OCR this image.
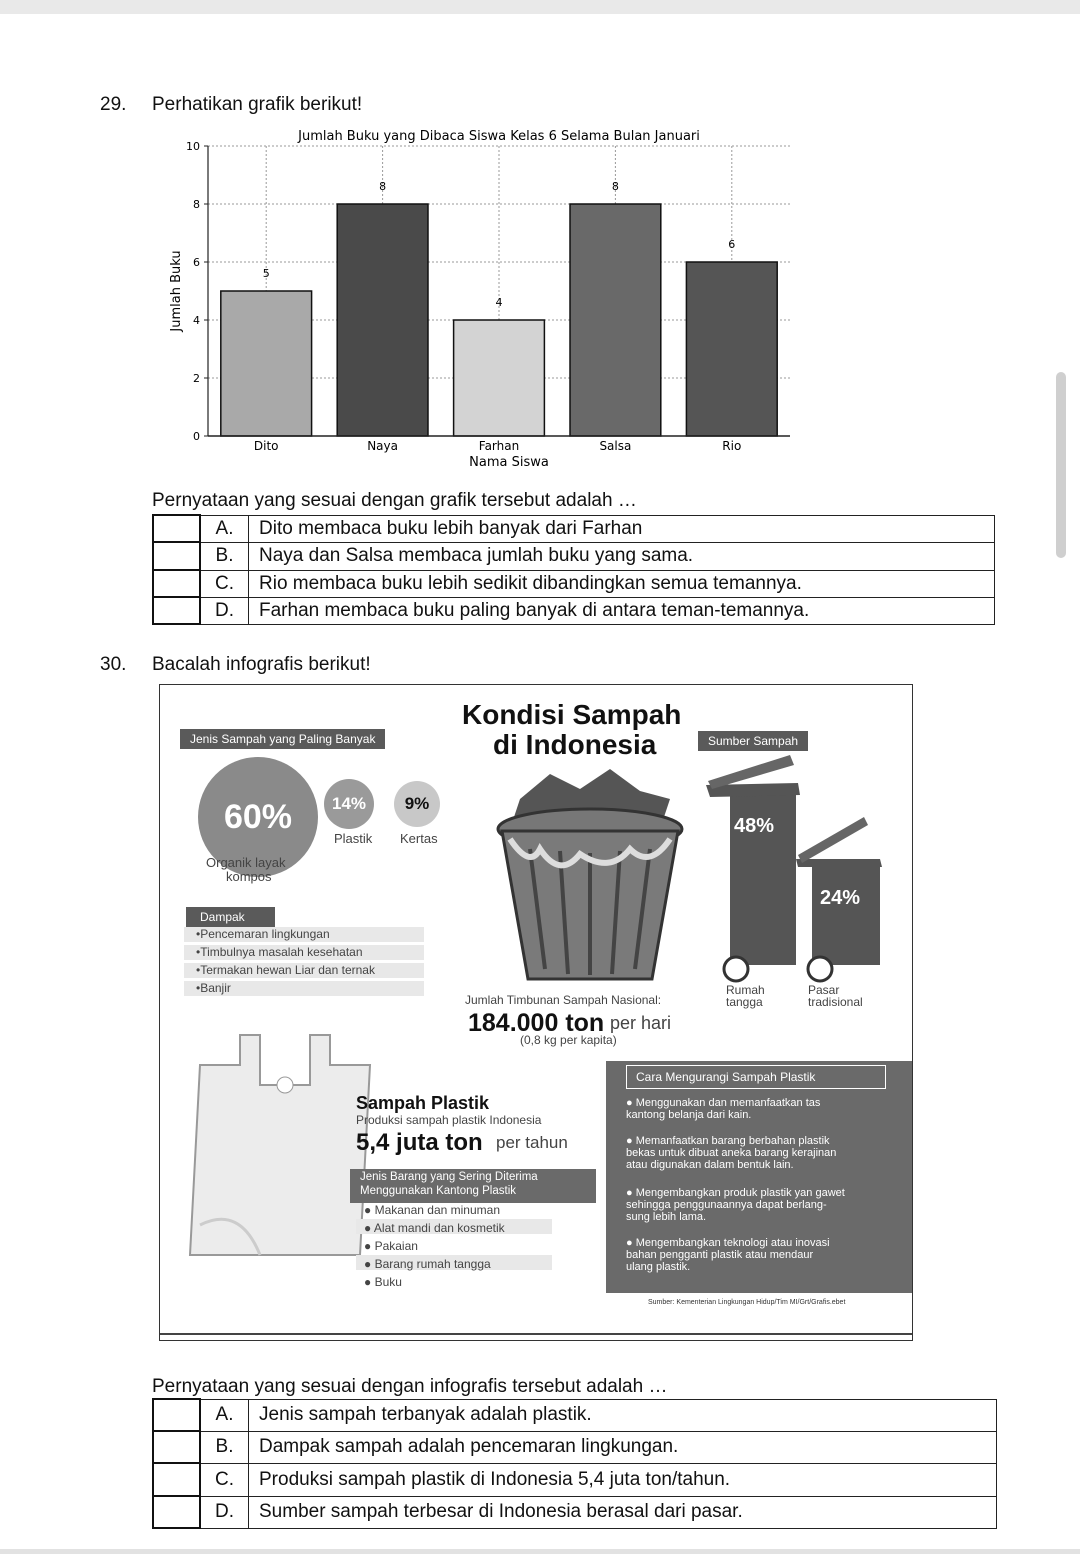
29. Perhatikan grafik berikut!
Jumlah Buku yang Dibaca Siswa Kelas 6 Selama Bulan Januari
0
2
4
6
8
10
5
Dito
8
Naya
4
Farhan
8
Salsa
6
Rio
Nama Siswa
Jumlah Buku
Pernyataan yang sesuai dengan grafik tersebut adalah …
	A.	Dito membaca buku lebih banyak dari Farhan
	B.	Naya dan Salsa membaca jumlah buku yang sama.
	C.	Rio membaca buku lebih sedikit dibandingkan semua temannya.
	D.	Farhan membaca buku paling banyak di antara teman-temannya.
30. Bacalah infografis berikut!
Kondisi Sampah
di Indonesia
Jenis Sampah yang Paling Banyak
60% 14% 9%
Plastik Kertas
Organik layak
kompos
Dampak
•Pencemaran lingkungan
•Timbulnya masalah kesehatan
•Termakan hewan Liar dan ternak
•Banjir
Jumlah Timbunan Sampah Nasional:
184.000 ton per hari
(0,8 kg per kapita)
Sumber Sampah
48%
24%
Rumah
tangga
Pasar
tradisional
Sampah Plastik
Produksi sampah plastik Indonesia
5,4 juta ton per tahun
Jenis Barang yang Sering Diterima
Menggunakan Kantong Plastik
● Makanan dan minuman
● Alat mandi dan kosmetik
● Pakaian
● Barang rumah tangga
● Buku
Cara Mengurangi Sampah Plastik
● Menggunakan dan memanfaatkan tas
kantong belanja dari kain.
● Memanfaatkan barang berbahan plastik
bekas untuk dibuat aneka barang kerajinan
atau digunakan dalam bentuk lain.
● Mengembangkan produk plastik yan gawet
sehingga penggunaannya dapat berlang-
sung lebih lama.
● Mengembangkan teknologi atau inovasi
bahan pengganti plastik atau mendaur
ulang plastik.
Sumber: Kementerian Lingkungan Hidup/Tim MI/Grt/Grafis.ebet
Pernyataan yang sesuai dengan infografis tersebut adalah …
	A.	Jenis sampah terbanyak adalah plastik.
	B.	Dampak sampah adalah pencemaran lingkungan.
	C.	Produksi sampah plastik di Indonesia 5,4 juta ton/tahun.
	D.	Sumber sampah terbesar di Indonesia berasal dari pasar.
